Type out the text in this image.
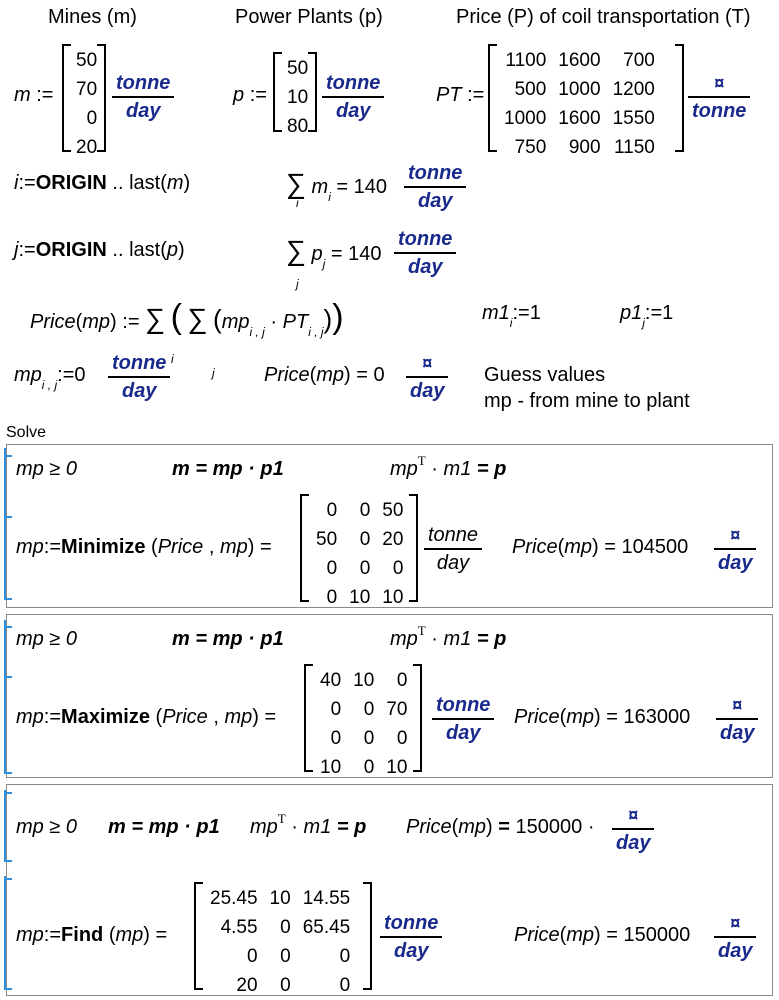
Mines (m)	Power Plants (p)	Price (P) of coil transportation (T)
m :=
50
70
0
20
tonne
day
p :=
50
10
80
tonne
day
PT :=
1100	1600	700
500	1000	1200
1000	1600	1550
750	900	1150
¤
tonne
i:=ORIGIN .. last(m)	∑ $m_i = 140$
i
tonne
day
j:=ORIGIN .. last(p)	∑ $p_j = 140$
j
tonne
day
Price(mp) := ∑ ( ∑ $(mp_{i , j} \cdot PT_{i , j})$)
i
j
$m1_i:=1$	$p1_j:=1$
$mp_{i , j}:=0$
tonne
day
Price(mp) = 0
¤
day
Guess values
mp - from mine to plant
Solve
mp ≥ 0	m = mp · p1	$mp^T \cdot m1 = p$
mp:=Minimize (Price , mp) =
0	0	50
50	0	20
0	0	0
0	10	10
tonne
day
Price(mp) = 104500
¤
day
mp ≥ 0	m = mp · p1	$mp^T \cdot m1 = p$
mp:=Maximize (Price , mp) =
40	10	0
0	0	70
0	0	0
10	0	10
tonne
day
Price(mp) = 163000
¤
day
mp ≥ 0 m = mp · p1 $mp^T \cdot m1 = p$ Price(mp) = 150000 ·
¤
day
mp:=Find (mp) =
25.45	10	14.55
4.55	0	65.45
0	0	0
20	0	0
tonne
day
Price(mp) = 150000
¤
day
